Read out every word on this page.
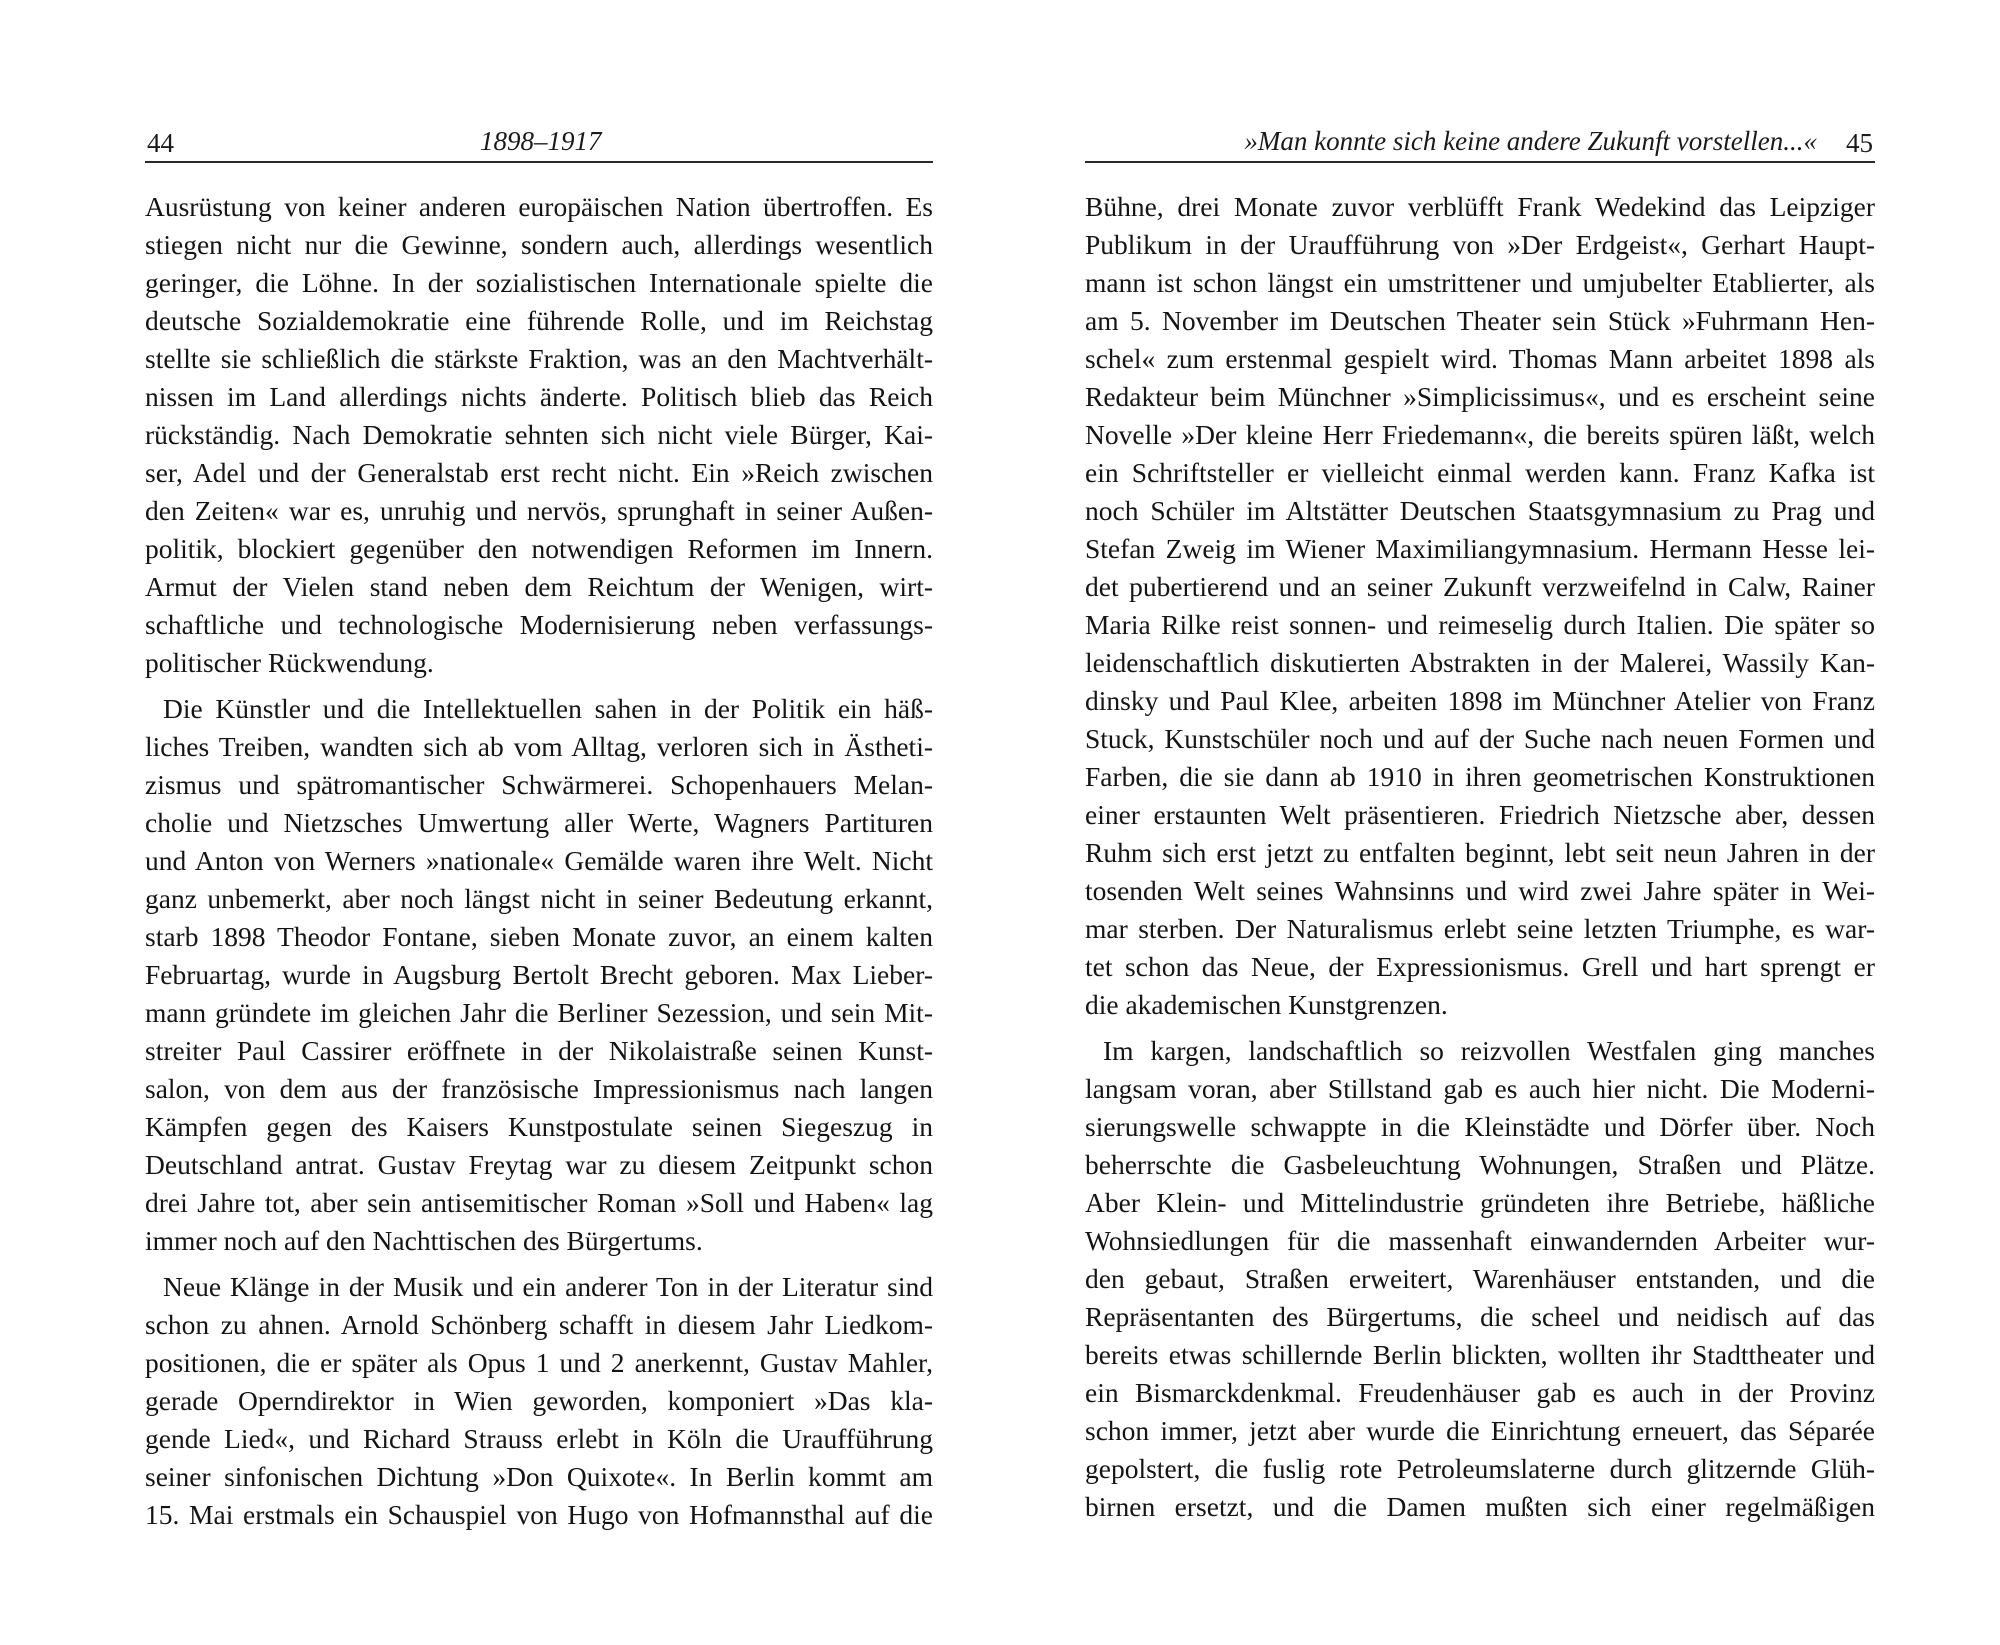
44	1898–1917
Ausrüstung von keiner anderen europäischen Nation übertroffen. Es
stiegen nicht nur die Gewinne, sondern auch, allerdings wesentlich
geringer, die Löhne. In der sozialistischen Internationale spielte die
deutsche Sozialdemokratie eine führende Rolle, und im Reichstag
stellte sie schließlich die stärkste Fraktion, was an den Machtverhält-
nissen im Land allerdings nichts änderte. Politisch blieb das Reich
rückständig. Nach Demokratie sehnten sich nicht viele Bürger, Kai-
ser, Adel und der Generalstab erst recht nicht. Ein »Reich zwischen
den Zeiten« war es, unruhig und nervös, sprunghaft in seiner Außen-
politik, blockiert gegenüber den notwendigen Reformen im Innern.
Armut der Vielen stand neben dem Reichtum der Wenigen, wirt-
schaftliche und technologische Modernisierung neben verfassungs-
politischer Rückwendung.
Die Künstler und die Intellektuellen sahen in der Politik ein häß-
liches Treiben, wandten sich ab vom Alltag, verloren sich in Ästheti-
zismus und spätromantischer Schwärmerei. Schopenhauers Melan-
cholie und Nietzsches Umwertung aller Werte, Wagners Partituren
und Anton von Werners »nationale« Gemälde waren ihre Welt. Nicht
ganz unbemerkt, aber noch längst nicht in seiner Bedeutung erkannt,
starb 1898 Theodor Fontane, sieben Monate zuvor, an einem kalten
Februartag, wurde in Augsburg Bertolt Brecht geboren. Max Lieber-
mann gründete im gleichen Jahr die Berliner Sezession, und sein Mit-
streiter Paul Cassirer eröffnete in der Nikolaistraße seinen Kunst-
salon, von dem aus der französische Impressionismus nach langen
Kämpfen gegen des Kaisers Kunstpostulate seinen Siegeszug in
Deutschland antrat. Gustav Freytag war zu diesem Zeitpunkt schon
drei Jahre tot, aber sein antisemitischer Roman »Soll und Haben« lag
immer noch auf den Nachttischen des Bürgertums.
Neue Klänge in der Musik und ein anderer Ton in der Literatur sind
schon zu ahnen. Arnold Schönberg schafft in diesem Jahr Liedkom-
positionen, die er später als Opus 1 und 2 anerkennt, Gustav Mahler,
gerade Operndirektor in Wien geworden, komponiert »Das kla-
gende Lied«, und Richard Strauss erlebt in Köln die Uraufführung
seiner sinfonischen Dichtung »Don Quixote«. In Berlin kommt am
15. Mai erstmals ein Schauspiel von Hugo von Hofmannsthal auf die
»Man konnte sich keine andere Zukunft vorstellen...« 45
Bühne, drei Monate zuvor verblüfft Frank Wedekind das Leipziger
Publikum in der Uraufführung von »Der Erdgeist«, Gerhart Haupt-
mann ist schon längst ein umstrittener und umjubelter Etablierter, als
am 5. November im Deutschen Theater sein Stück »Fuhrmann Hen-
schel« zum erstenmal gespielt wird. Thomas Mann arbeitet 1898 als
Redakteur beim Münchner »Simplicissimus«, und es erscheint seine
Novelle »Der kleine Herr Friedemann«, die bereits spüren läßt, welch
ein Schriftsteller er vielleicht einmal werden kann. Franz Kafka ist
noch Schüler im Altstätter Deutschen Staatsgymnasium zu Prag und
Stefan Zweig im Wiener Maximiliangymnasium. Hermann Hesse lei-
det pubertierend und an seiner Zukunft verzweifelnd in Calw, Rainer
Maria Rilke reist sonnen- und reimeselig durch Italien. Die später so
leidenschaftlich diskutierten Abstrakten in der Malerei, Wassily Kan-
dinsky und Paul Klee, arbeiten 1898 im Münchner Atelier von Franz
Stuck, Kunstschüler noch und auf der Suche nach neuen Formen und
Farben, die sie dann ab 1910 in ihren geometrischen Konstruktionen
einer erstaunten Welt präsentieren. Friedrich Nietzsche aber, dessen
Ruhm sich erst jetzt zu entfalten beginnt, lebt seit neun Jahren in der
tosenden Welt seines Wahnsinns und wird zwei Jahre später in Wei-
mar sterben. Der Naturalismus erlebt seine letzten Triumphe, es war-
tet schon das Neue, der Expressionismus. Grell und hart sprengt er
die akademischen Kunstgrenzen.
Im kargen, landschaftlich so reizvollen Westfalen ging manches
langsam voran, aber Stillstand gab es auch hier nicht. Die Moderni-
sierungswelle schwappte in die Kleinstädte und Dörfer über. Noch
beherrschte die Gasbeleuchtung Wohnungen, Straßen und Plätze.
Aber Klein- und Mittelindustrie gründeten ihre Betriebe, häßliche
Wohnsiedlungen für die massenhaft einwandernden Arbeiter wur-
den gebaut, Straßen erweitert, Warenhäuser entstanden, und die
Repräsentanten des Bürgertums, die scheel und neidisch auf das
bereits etwas schillernde Berlin blickten, wollten ihr Stadttheater und
ein Bismarckdenkmal. Freudenhäuser gab es auch in der Provinz
schon immer, jetzt aber wurde die Einrichtung erneuert, das Séparée
gepolstert, die fuslig rote Petroleumslaterne durch glitzernde Glüh-
birnen ersetzt, und die Damen mußten sich einer regelmäßigen
